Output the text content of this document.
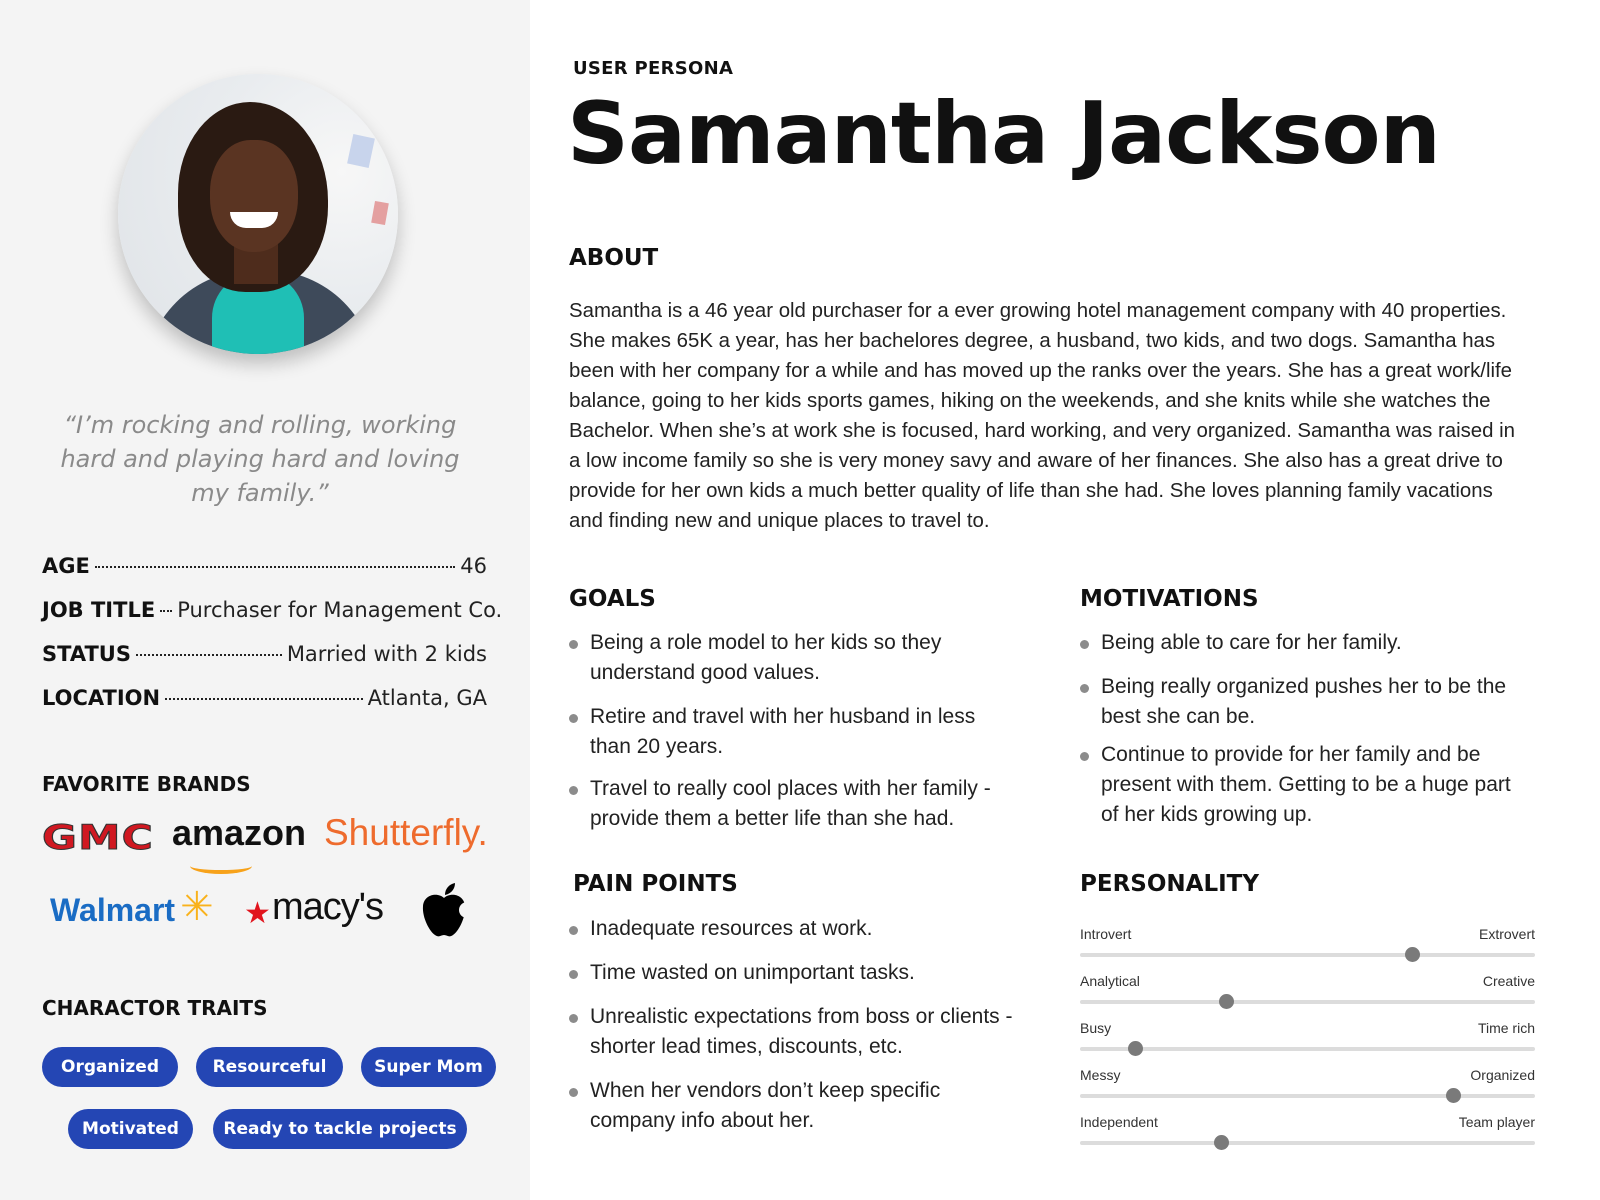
“I’m rocking and rolling, working hard and playing hard and loving my family.”
AGE	46
JOB TITLE Purchaser for Management Co.
STATUS	Married with 2 kids
LOCATION	Atlanta, GA
FAVORITE BRANDS
GMC amazon Shutterfly.
Walmart ✳ ★ macy's
CHARACTOR TRAITS
Organized	Resourceful	Super Mom
Motivated	Ready to tackle projects
USER PERSONA
Samantha Jackson
ABOUT
Samantha is a 46 year old purchaser for a ever growing hotel management company with 40 properties. She makes 65K a year, has her bachelores degree, a husband, two kids, and two dogs. Samantha has been with her company for a while and has moved up the ranks over the years. She has a great work/life balance, going to her kids sports games, hiking on the weekends, and she knits while she watches the Bachelor. When she’s at work she is focused, hard working, and very organized. Samantha was raised in a low income family so she is very money savy and aware of her finances. She also has a great drive to provide for her own kids a much better quality of life than she had. She loves planning family vacations and finding new and unique places to travel to.
GOALS
Being a role model to her kids so they understand good values.
Retire and travel with her husband in less than 20 years.
Travel to really cool places with her family - provide them a better life than she had.
MOTIVATIONS
Being able to care for her family.
Being really organized pushes her to be the best she can be.
Continue to provide for her family and be present with them. Getting to be a huge part of her kids growing up.
PAIN POINTS
Inadequate resources at work.
Time wasted on unimportant tasks.
Unrealistic expectations from boss or clients - shorter lead times, discounts, etc.
When her vendors don’t keep specific company info about her.
PERSONALITY
Introvert	Extrovert
Analytical	Creative
Busy	Time rich
Messy	Organized
Independent	Team player
